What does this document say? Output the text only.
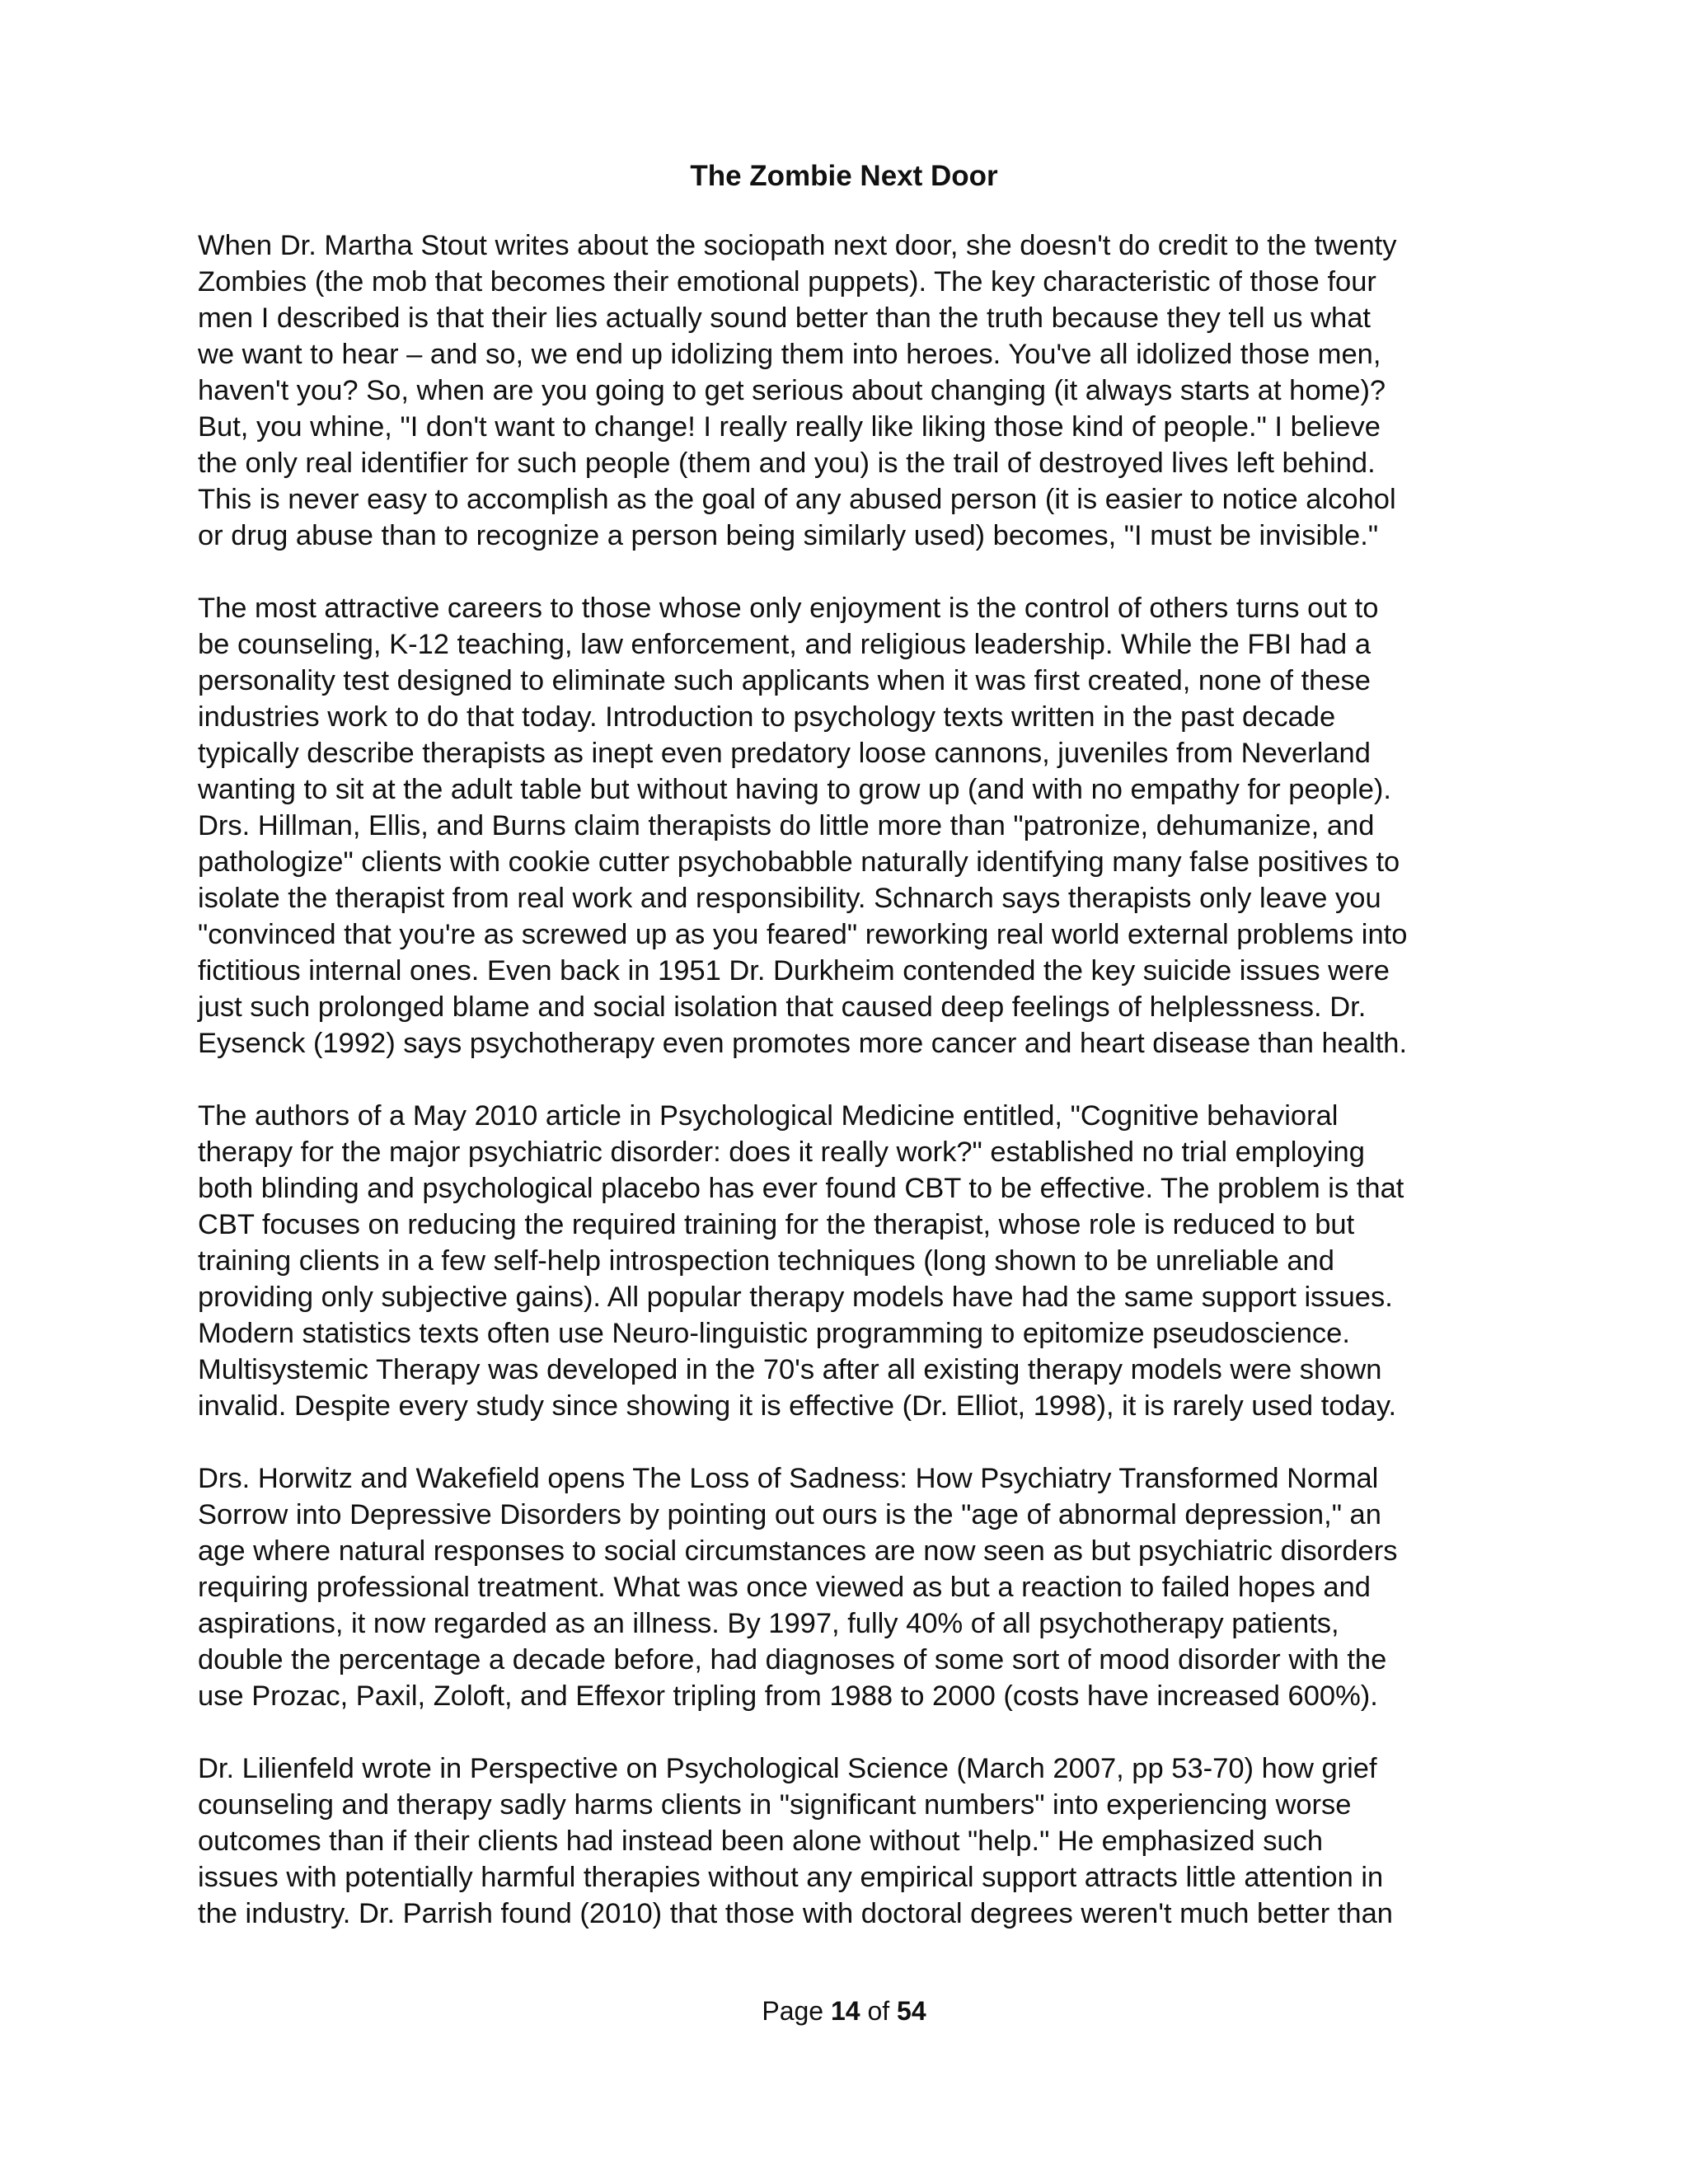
The Zombie Next Door
When Dr. Martha Stout writes about the sociopath next door, she doesn't do credit to the twenty
Zombies (the mob that becomes their emotional puppets). The key characteristic of those four
men I described is that their lies actually sound better than the truth because they tell us what
we want to hear – and so, we end up idolizing them into heroes. You've all idolized those men,
haven't you? So, when are you going to get serious about changing (it always starts at home)?
But, you whine, "I don't want to change! I really really like liking those kind of people." I believe
the only real identifier for such people (them and you) is the trail of destroyed lives left behind.
This is never easy to accomplish as the goal of any abused person (it is easier to notice alcohol
or drug abuse than to recognize a person being similarly used) becomes, "I must be invisible."
The most attractive careers to those whose only enjoyment is the control of others turns out to
be counseling, K-12 teaching, law enforcement, and religious leadership. While the FBI had a
personality test designed to eliminate such applicants when it was first created, none of these
industries work to do that today. Introduction to psychology texts written in the past decade
typically describe therapists as inept even predatory loose cannons, juveniles from Neverland
wanting to sit at the adult table but without having to grow up (and with no empathy for people).
Drs. Hillman, Ellis, and Burns claim therapists do little more than "patronize, dehumanize, and
pathologize" clients with cookie cutter psychobabble naturally identifying many false positives to
isolate the therapist from real work and responsibility. Schnarch says therapists only leave you
"convinced that you're as screwed up as you feared" reworking real world external problems into
fictitious internal ones. Even back in 1951 Dr. Durkheim contended the key suicide issues were
just such prolonged blame and social isolation that caused deep feelings of helplessness. Dr.
Eysenck (1992) says psychotherapy even promotes more cancer and heart disease than health.
The authors of a May 2010 article in Psychological Medicine entitled, "Cognitive behavioral
therapy for the major psychiatric disorder: does it really work?" established no trial employing
both blinding and psychological placebo has ever found CBT to be effective. The problem is that
CBT focuses on reducing the required training for the therapist, whose role is reduced to but
training clients in a few self-help introspection techniques (long shown to be unreliable and
providing only subjective gains). All popular therapy models have had the same support issues.
Modern statistics texts often use Neuro-linguistic programming to epitomize pseudoscience.
Multisystemic Therapy was developed in the 70's after all existing therapy models were shown
invalid. Despite every study since showing it is effective (Dr. Elliot, 1998), it is rarely used today.
Drs. Horwitz and Wakefield opens The Loss of Sadness: How Psychiatry Transformed Normal
Sorrow into Depressive Disorders by pointing out ours is the "age of abnormal depression," an
age where natural responses to social circumstances are now seen as but psychiatric disorders
requiring professional treatment. What was once viewed as but a reaction to failed hopes and
aspirations, it now regarded as an illness. By 1997, fully 40% of all psychotherapy patients,
double the percentage a decade before, had diagnoses of some sort of mood disorder with the
use Prozac, Paxil, Zoloft, and Effexor tripling from 1988 to 2000 (costs have increased 600%).
Dr. Lilienfeld wrote in Perspective on Psychological Science (March 2007, pp 53-70) how grief
counseling and therapy sadly harms clients in "significant numbers" into experiencing worse
outcomes than if their clients had instead been alone without "help." He emphasized such
issues with potentially harmful therapies without any empirical support attracts little attention in
the industry. Dr. Parrish found (2010) that those with doctoral degrees weren't much better than
Page 14 of 54
